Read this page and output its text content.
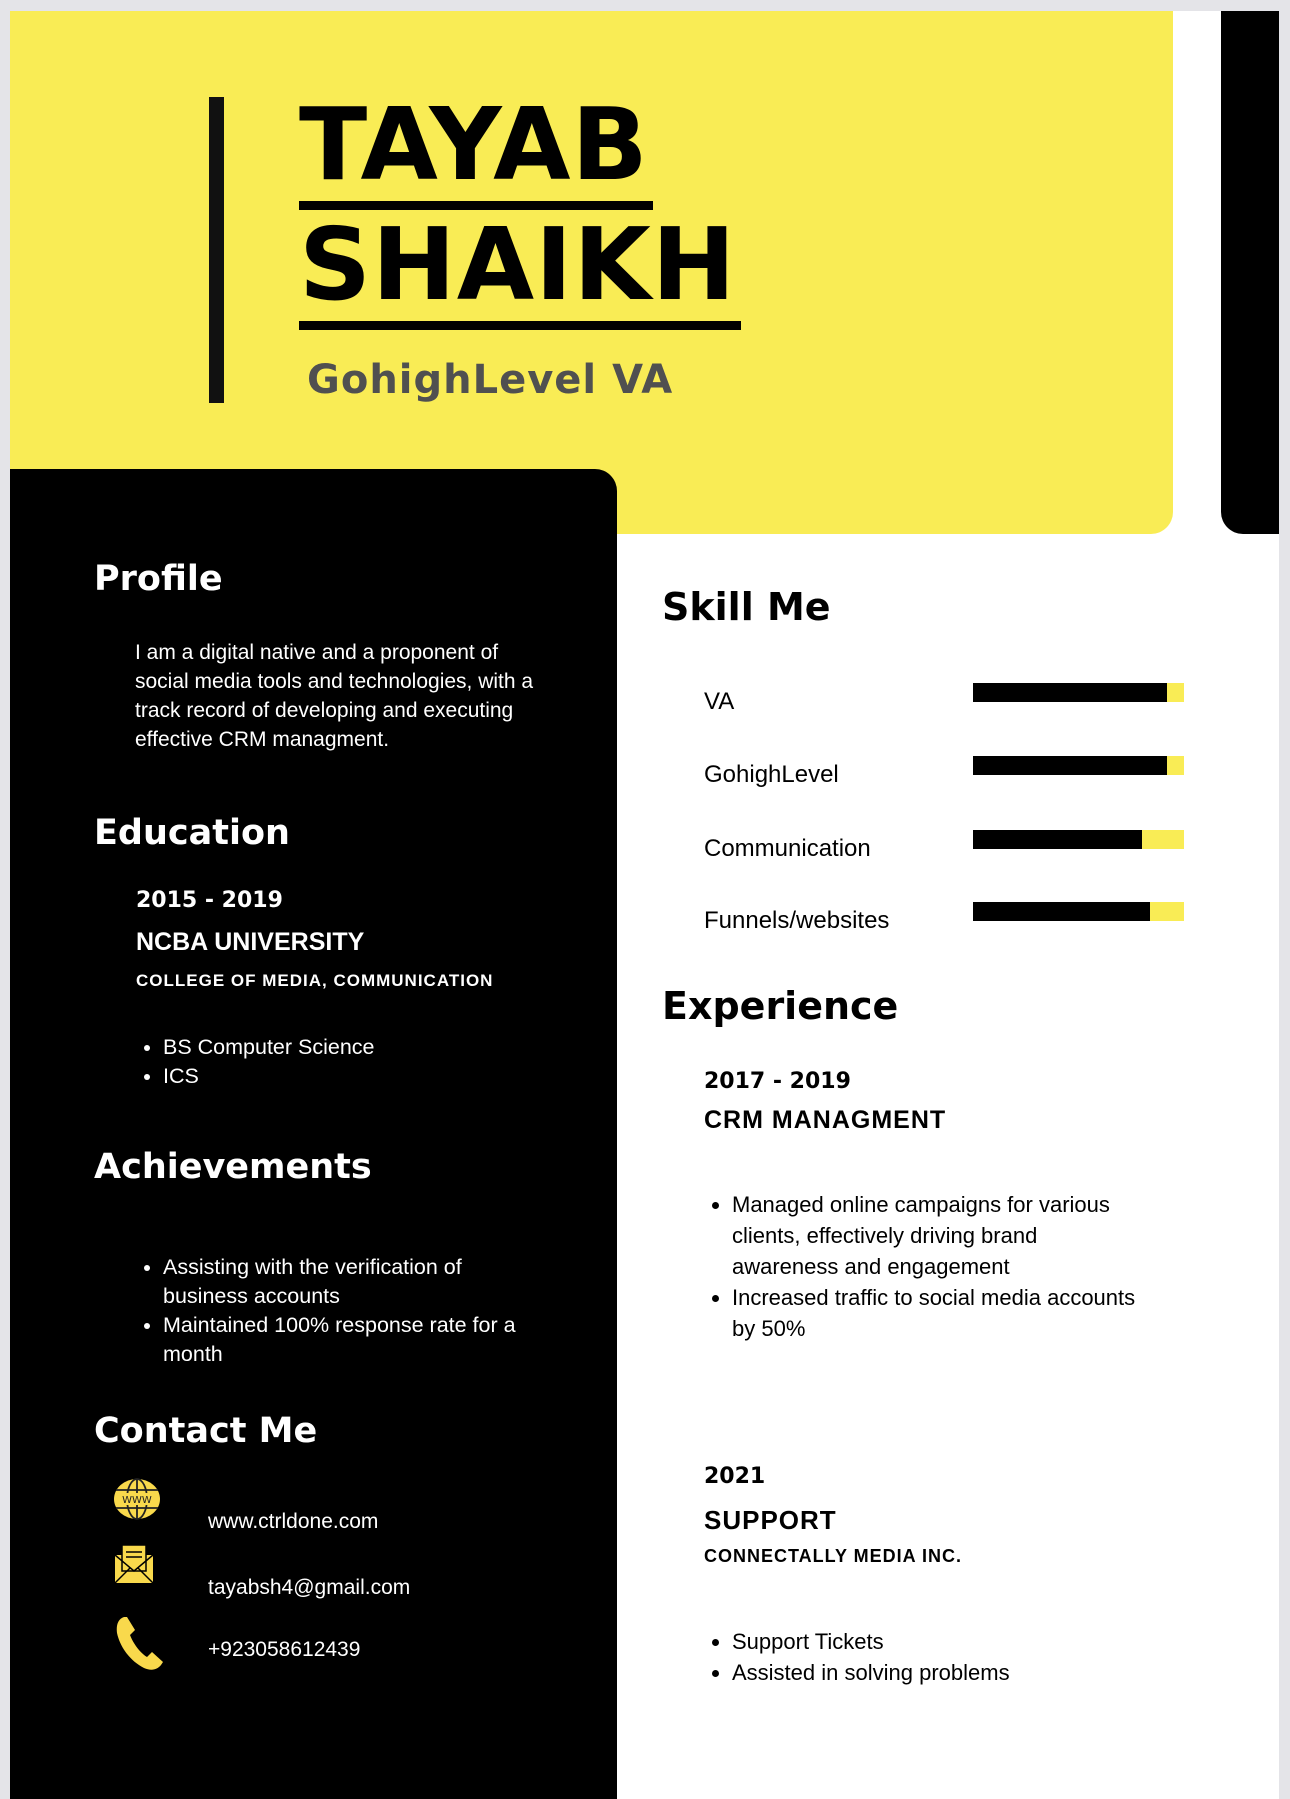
TAYAB
SHAIKH
GohighLevel VA
Profile
I am a digital native and a proponent of social media tools and technologies, with a track record of developing and executing effective CRM managment.
Education
2015 - 2019
NCBA UNIVERSITY
COLLEGE OF MEDIA, COMMUNICATION
• BS Computer Science
• ICS
Achievements
• Assisting with the verification of business accounts
• Maintained 100% response rate for a month
Contact Me
WWW
www.ctrldone.com
tayabsh4@gmail.com
+923058612439
Skill Me
VA
GohighLevel
Communication
Funnels/websites
Experience
2017 - 2019
CRM MANAGMENT
• Managed online campaigns for various clients, effectively driving brand awareness and engagement
• Increased traffic to social media accounts by 50%
2021
SUPPORT
CONNECTALLY MEDIA INC.
• Support Tickets
• Assisted in solving problems
